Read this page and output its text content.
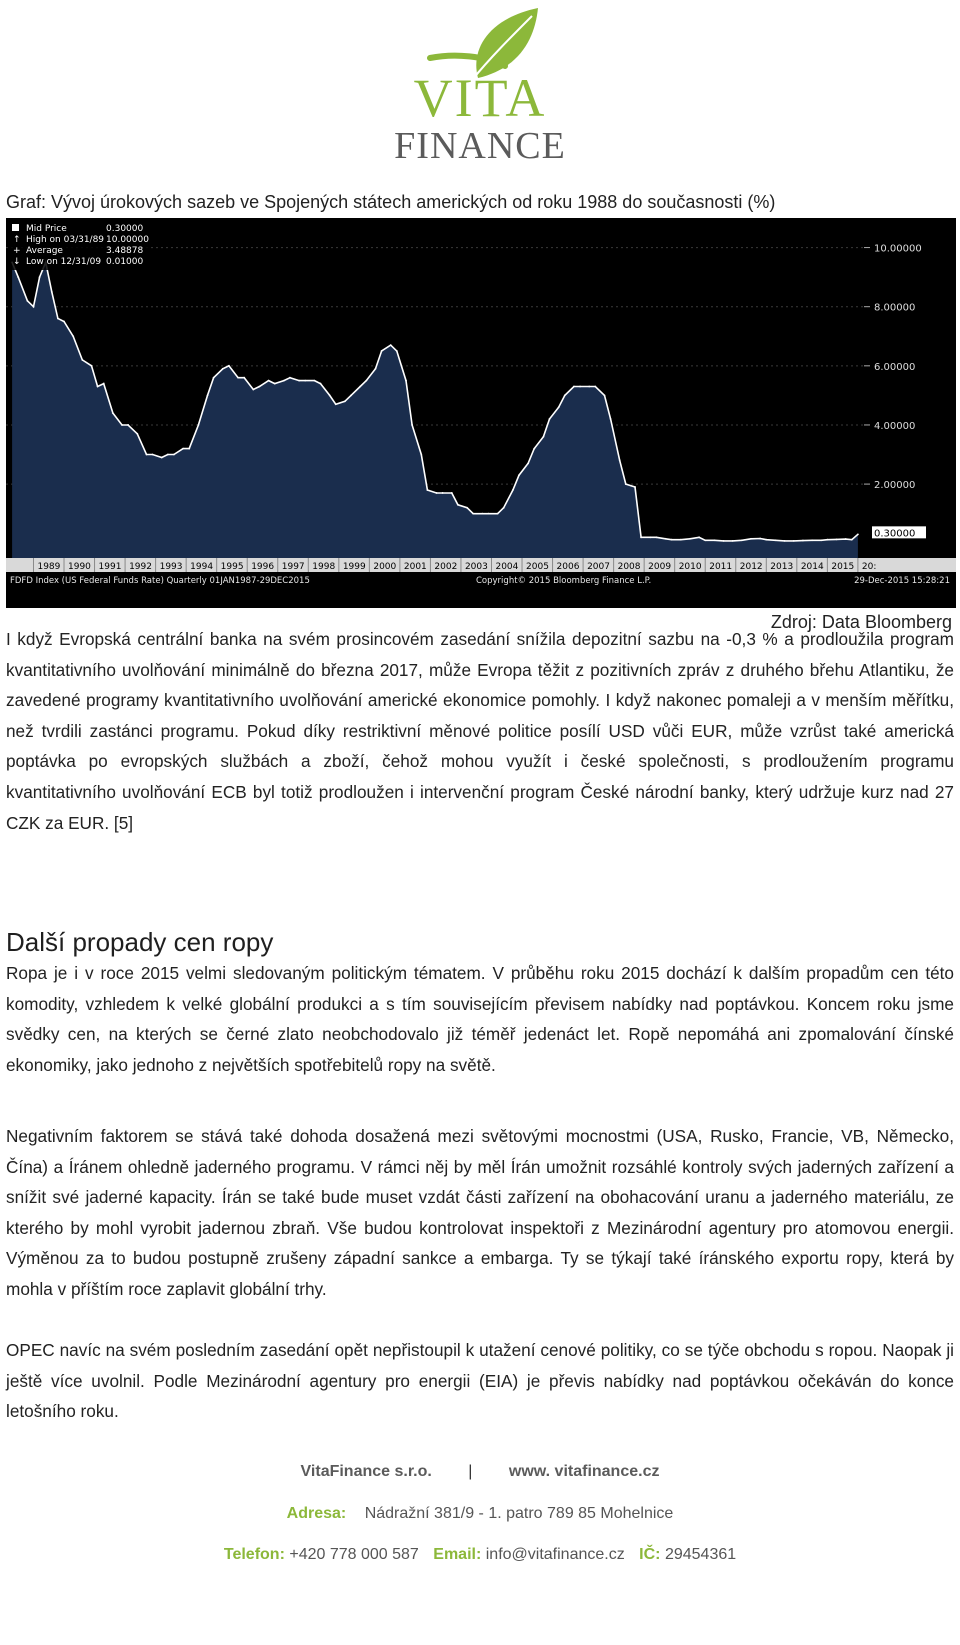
VITA
FINANCE
Graf: Vývoj úrokových sazeb ve Spojených státech amerických od roku 1988 do současnosti (%)
2.00000
4.00000
6.00000
8.00000
10.00000
0.30000
1989 1990 1991 1992 1993 1994 1995 1996 1997 1998 1999 2000 2001 2002 2003 2004 2005 2006 2007 2008 2009 2010 2011 2012 2013 2014 2015 20:
FDFD Index (US Federal Funds Rate) Quarterly 01JAN1987-29DEC2015	Copyright© 2015 Bloomberg Finance L.P.	29-Dec-2015 15:28:21
Mid Price	0.30000
↑ High on 03/31/89 10.00000
+ Average	3.48878
↓ Low on 12/31/09 0.01000
Zdroj: Data Bloomberg

I když Evropská centrální banka na svém prosincovém zasedání snížila depozitní sazbu na -0,3 % a prodloužila program kvantitativního uvolňování minimálně do března 2017, může Evropa těžit z pozitivních zpráv z druhého břehu Atlantiku, že zavedené programy kvantitativního uvolňování americké ekonomice pomohly. I když nakonec pomaleji a v menším měřítku, než tvrdili zastánci programu. Pokud díky restriktivní měnové politice posílí USD vůči EUR, může vzrůst také americká poptávka po evropských službách a zboží, čehož mohou využít i české společnosti, s prodloužením programu kvantitativního uvolňování ECB byl totiž prodloužen i intervenční program České národní banky, který udržuje kurz nad 27 CZK za EUR. [5]

Další propady cen ropy

Ropa je i v roce 2015 velmi sledovaným politickým tématem. V průběhu roku 2015 dochází k dalším propadům cen této komodity, vzhledem k velké globální produkci a s tím souvisejícím převisem nabídky nad poptávkou. Koncem roku jsme svědky cen, na kterých se černé zlato neobchodovalo již téměř jedenáct let. Ropě nepomáhá ani zpomalování čínské ekonomiky, jako jednoho z největších spotřebitelů ropy na světě.

Negativním faktorem se stává také dohoda dosažená mezi světovými mocnostmi (USA, Rusko, Francie, VB, Německo, Čína) a Íránem ohledně jaderného programu. V rámci něj by měl Írán umožnit rozsáhlé kontroly svých jaderných zařízení a snížit své jaderné kapacity. Írán se také bude muset vzdát části zařízení na obohacování uranu a jaderného materiálu, ze kterého by mohl vyrobit jadernou zbraň. Vše budou kontrolovat inspektoři z Mezinárodní agentury pro atomovou energii. Výměnou za to budou postupně zrušeny západní sankce a embarga. Ty se týkají také íránského exportu ropy, která by mohla v příštím roce zaplavit globální trhy.

OPEC navíc na svém posledním zasedání opět nepřistoupil k utažení cenové politiky, co se týče obchodu s ropou. Naopak ji ještě více uvolnil. Podle Mezinárodní agentury pro energii (EIA) je převis nabídky nad poptávkou očekáván do konce letošního roku.

VitaFinance s.r.o. | www. vitafinance.cz
Adresa: Nádražní 381/9 - 1. patro 789 85 Mohelnice
Telefon: +420 778 000 587 Email: info@vitafinance.cz IČ: 29454361
